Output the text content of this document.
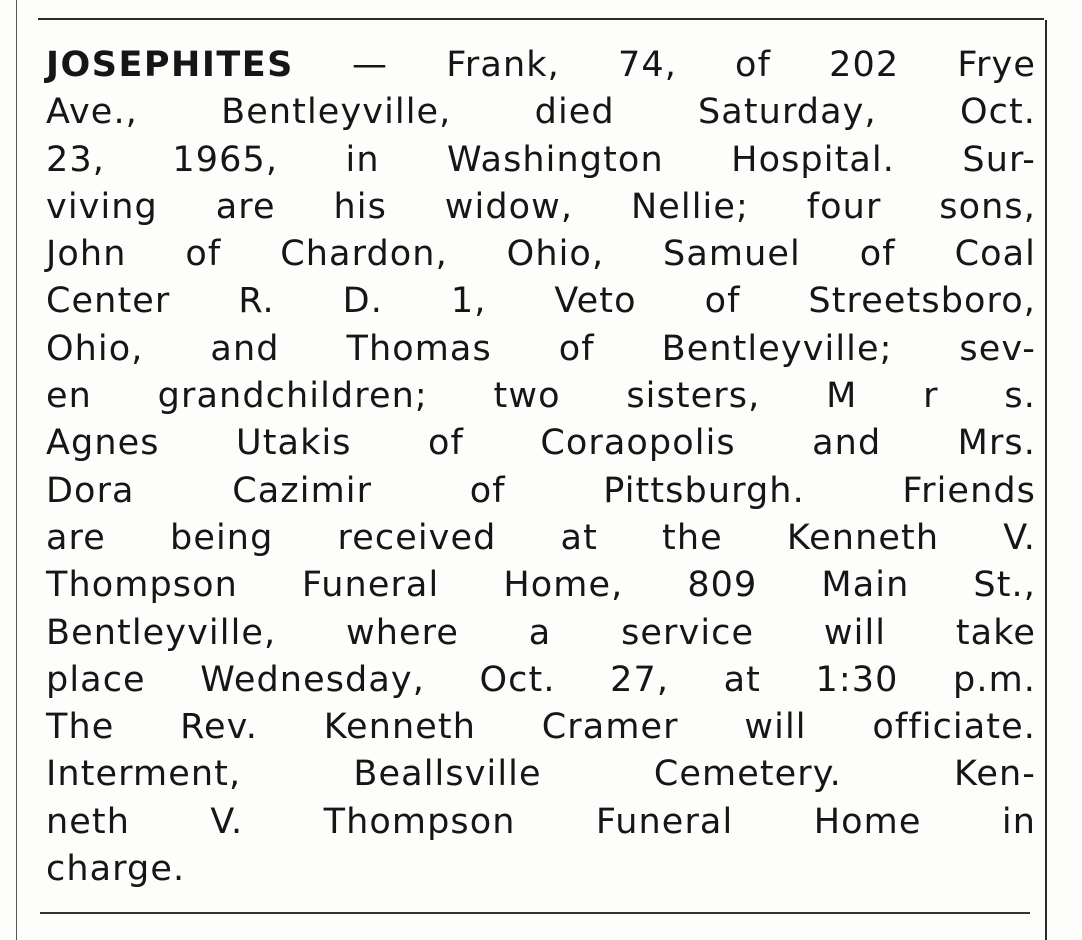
JOSEPHITES — Frank, 74, of 202 Frye
Ave., Bentleyville, died Saturday, Oct.
23, 1965, in Washington Hospital. Sur-
viving are his widow, Nellie; four sons,
John of Chardon, Ohio, Samuel of Coal
Center R. D. 1, Veto of Streetsboro,
Ohio, and Thomas of Bentleyville; sev-
en grandchildren; two sisters, M r s.
Agnes Utakis of Coraopolis and Mrs.
Dora Cazimir of Pittsburgh. Friends
are being received at the Kenneth V.
Thompson Funeral Home, 809 Main St.,
Bentleyville, where a service will take
place Wednesday, Oct. 27, at 1:30 p.m.
The Rev. Kenneth Cramer will officiate.
Interment, Beallsville Cemetery. Ken-
neth V. Thompson Funeral Home in
charge.
